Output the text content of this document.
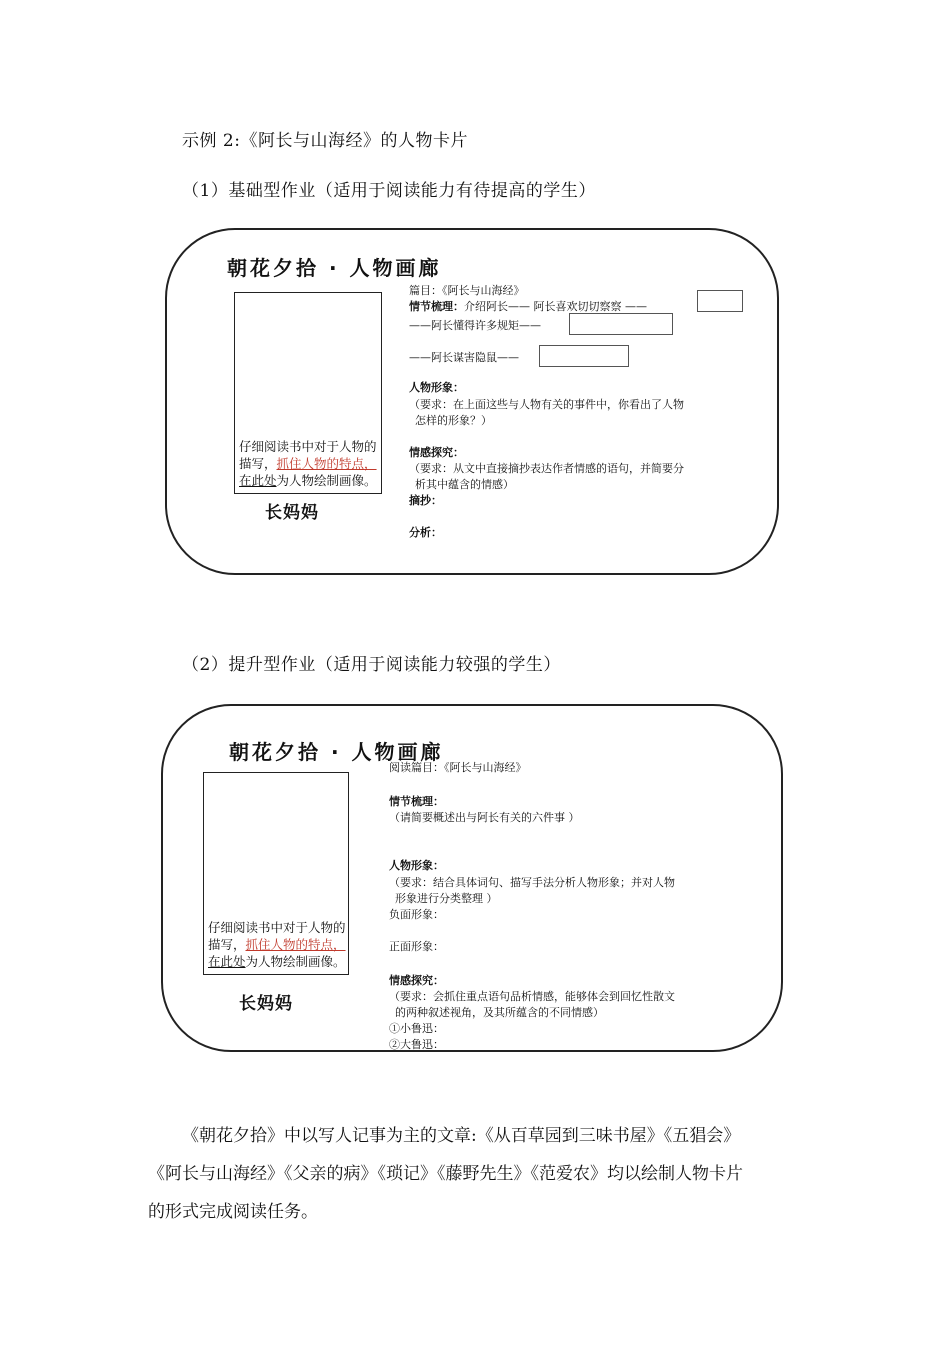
示例 2:《阿长与山海经》的人物卡片
（1）基础型作业（适用于阅读能力有待提高的学生）
朝花夕拾 · 人物画廊
仔细阅读书中对于人物的描写，抓住人物的特点，在此处为人物绘制画像。
长妈妈
篇目：《阿长与山海经》
情节梳理：介绍阿长—— 阿长喜欢切切察察 ——
——阿长懂得许多规矩——
——阿长谋害隐鼠——
人物形象：
（要求：在上面这些与人物有关的事件中，你看出了人物
怎样的形象？）
情感探究：
（要求：从文中直接摘抄表达作者情感的语句，并简要分
析其中蕴含的情感）
摘抄：
分析：
（2）提升型作业（适用于阅读能力较强的学生）
朝花夕拾 · 人物画廊
仔细阅读书中对于人物的描写，抓住人物的特点，在此处为人物绘制画像。
长妈妈
阅读篇目：《阿长与山海经》
情节梳理：
（请简要概述出与阿长有关的六件事 ）
人物形象：
（要求：结合具体词句、描写手法分析人物形象；并对人物
形象进行分类整理 ）
负面形象：
正面形象：
情感探究：
（要求：会抓住重点语句品析情感，能够体会到回忆性散文
的两种叙述视角，及其所蕴含的不同情感）
①小鲁迅：
②大鲁迅：
《朝花夕拾》中以写人记事为主的文章:《从百草园到三味书屋》《五猖会》
《阿长与山海经》《父亲的病》《琐记》《藤野先生》《范爱农》均以绘制人物卡片
的形式完成阅读任务。
